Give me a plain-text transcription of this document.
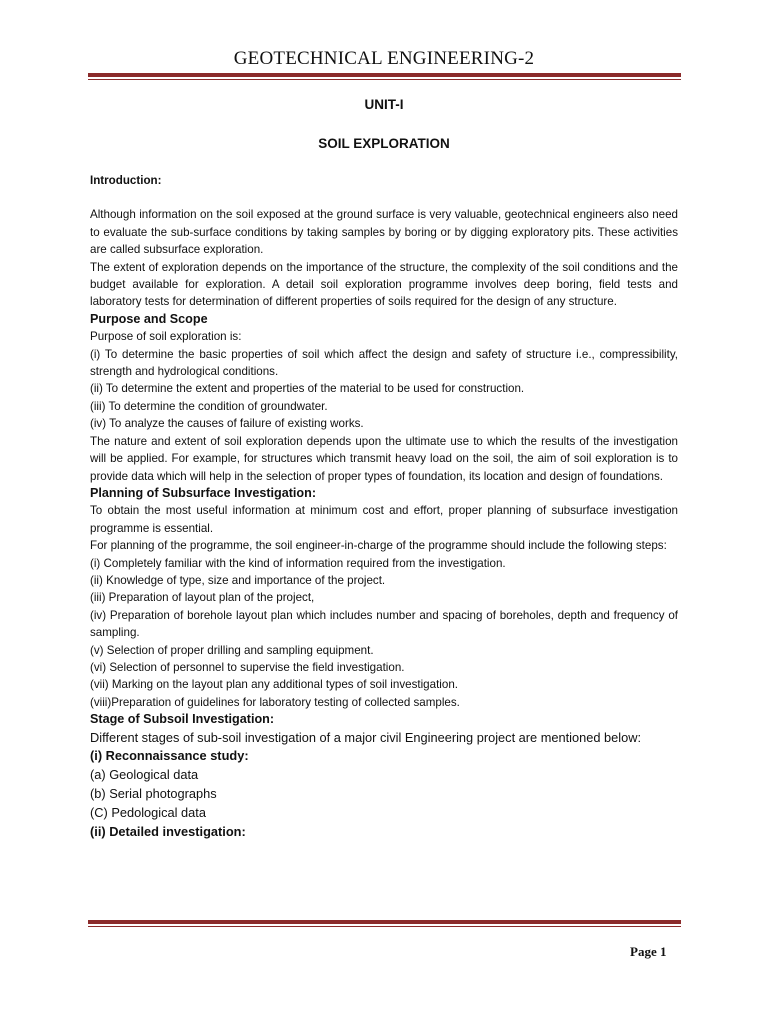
GEOTECHNICAL ENGINEERING-2
UNIT-I
SOIL EXPLORATION

Introduction:

Although information on the soil exposed at the ground surface is very valuable, geotechnical engineers also need to evaluate the sub-surface conditions by taking samples by boring or by digging exploratory pits. These activities are called subsurface exploration.

The extent of exploration depends on the importance of the structure, the complexity of the soil conditions and the budget available for exploration. A detail soil exploration programme involves deep boring, field tests and laboratory tests for determination of different properties of soils required for the design of any structure.

Purpose and Scope

Purpose of soil exploration is:

(i) To determine the basic properties of soil which affect the design and safety of structure i.e., compressibility, strength and hydrological conditions.

(ii) To determine the extent and properties of the material to be used for construction.

(iii) To determine the condition of groundwater.

(iv) To analyze the causes of failure of existing works.

The nature and extent of soil exploration depends upon the ultimate use to which the results of the investigation will be applied. For example, for structures which transmit heavy load on the soil, the aim of soil exploration is to provide data which will help in the selection of proper types of foundation, its location and design of foundations.

Planning of Subsurface Investigation:

To obtain the most useful information at minimum cost and effort, proper planning of subsurface investigation programme is essential.

For planning of the programme, the soil engineer-in-charge of the programme should include the following steps:

(i) Completely familiar with the kind of information required from the investigation.

(ii) Knowledge of type, size and importance of the project.

(iii) Preparation of layout plan of the project,

(iv) Preparation of borehole layout plan which includes number and spacing of boreholes, depth and frequency of sampling.

(v) Selection of proper drilling and sampling equipment.

(vi) Selection of personnel to supervise the field investigation.

(vii) Marking on the layout plan any additional types of soil investigation.

(viii)Preparation of guidelines for laboratory testing of collected samples.

Stage of Subsoil Investigation:

Different stages of sub-soil investigation of a major civil Engineering project are mentioned below:

(i) Reconnaissance study:

(a) Geological data

(b) Serial photographs

(C) Pedological data

(ii) Detailed investigation:

Page 1
